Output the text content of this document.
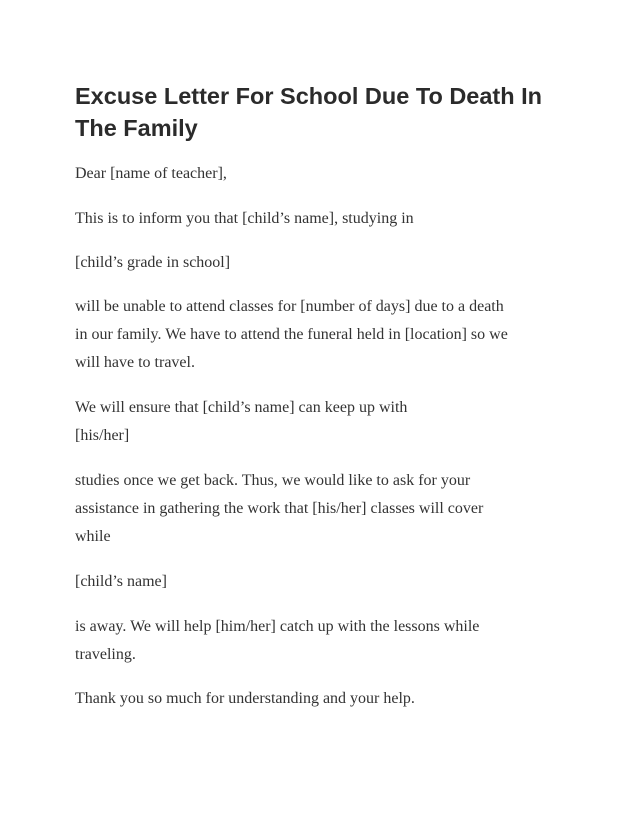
Excuse Letter For School Due To Death In
The Family

Dear [name of teacher],

This is to inform you that [child’s name], studying in

[child’s grade in school]

will be unable to attend classes for [number of days] due to a death
in our family. We have to attend the funeral held in [location] so we
will have to travel.

We will ensure that [child’s name] can keep up with
[his/her]

studies once we get back. Thus, we would like to ask for your
assistance in gathering the work that [his/her] classes will cover
while

[child’s name]

is away. We will help [him/her] catch up with the lessons while
traveling.

Thank you so much for understanding and your help.
